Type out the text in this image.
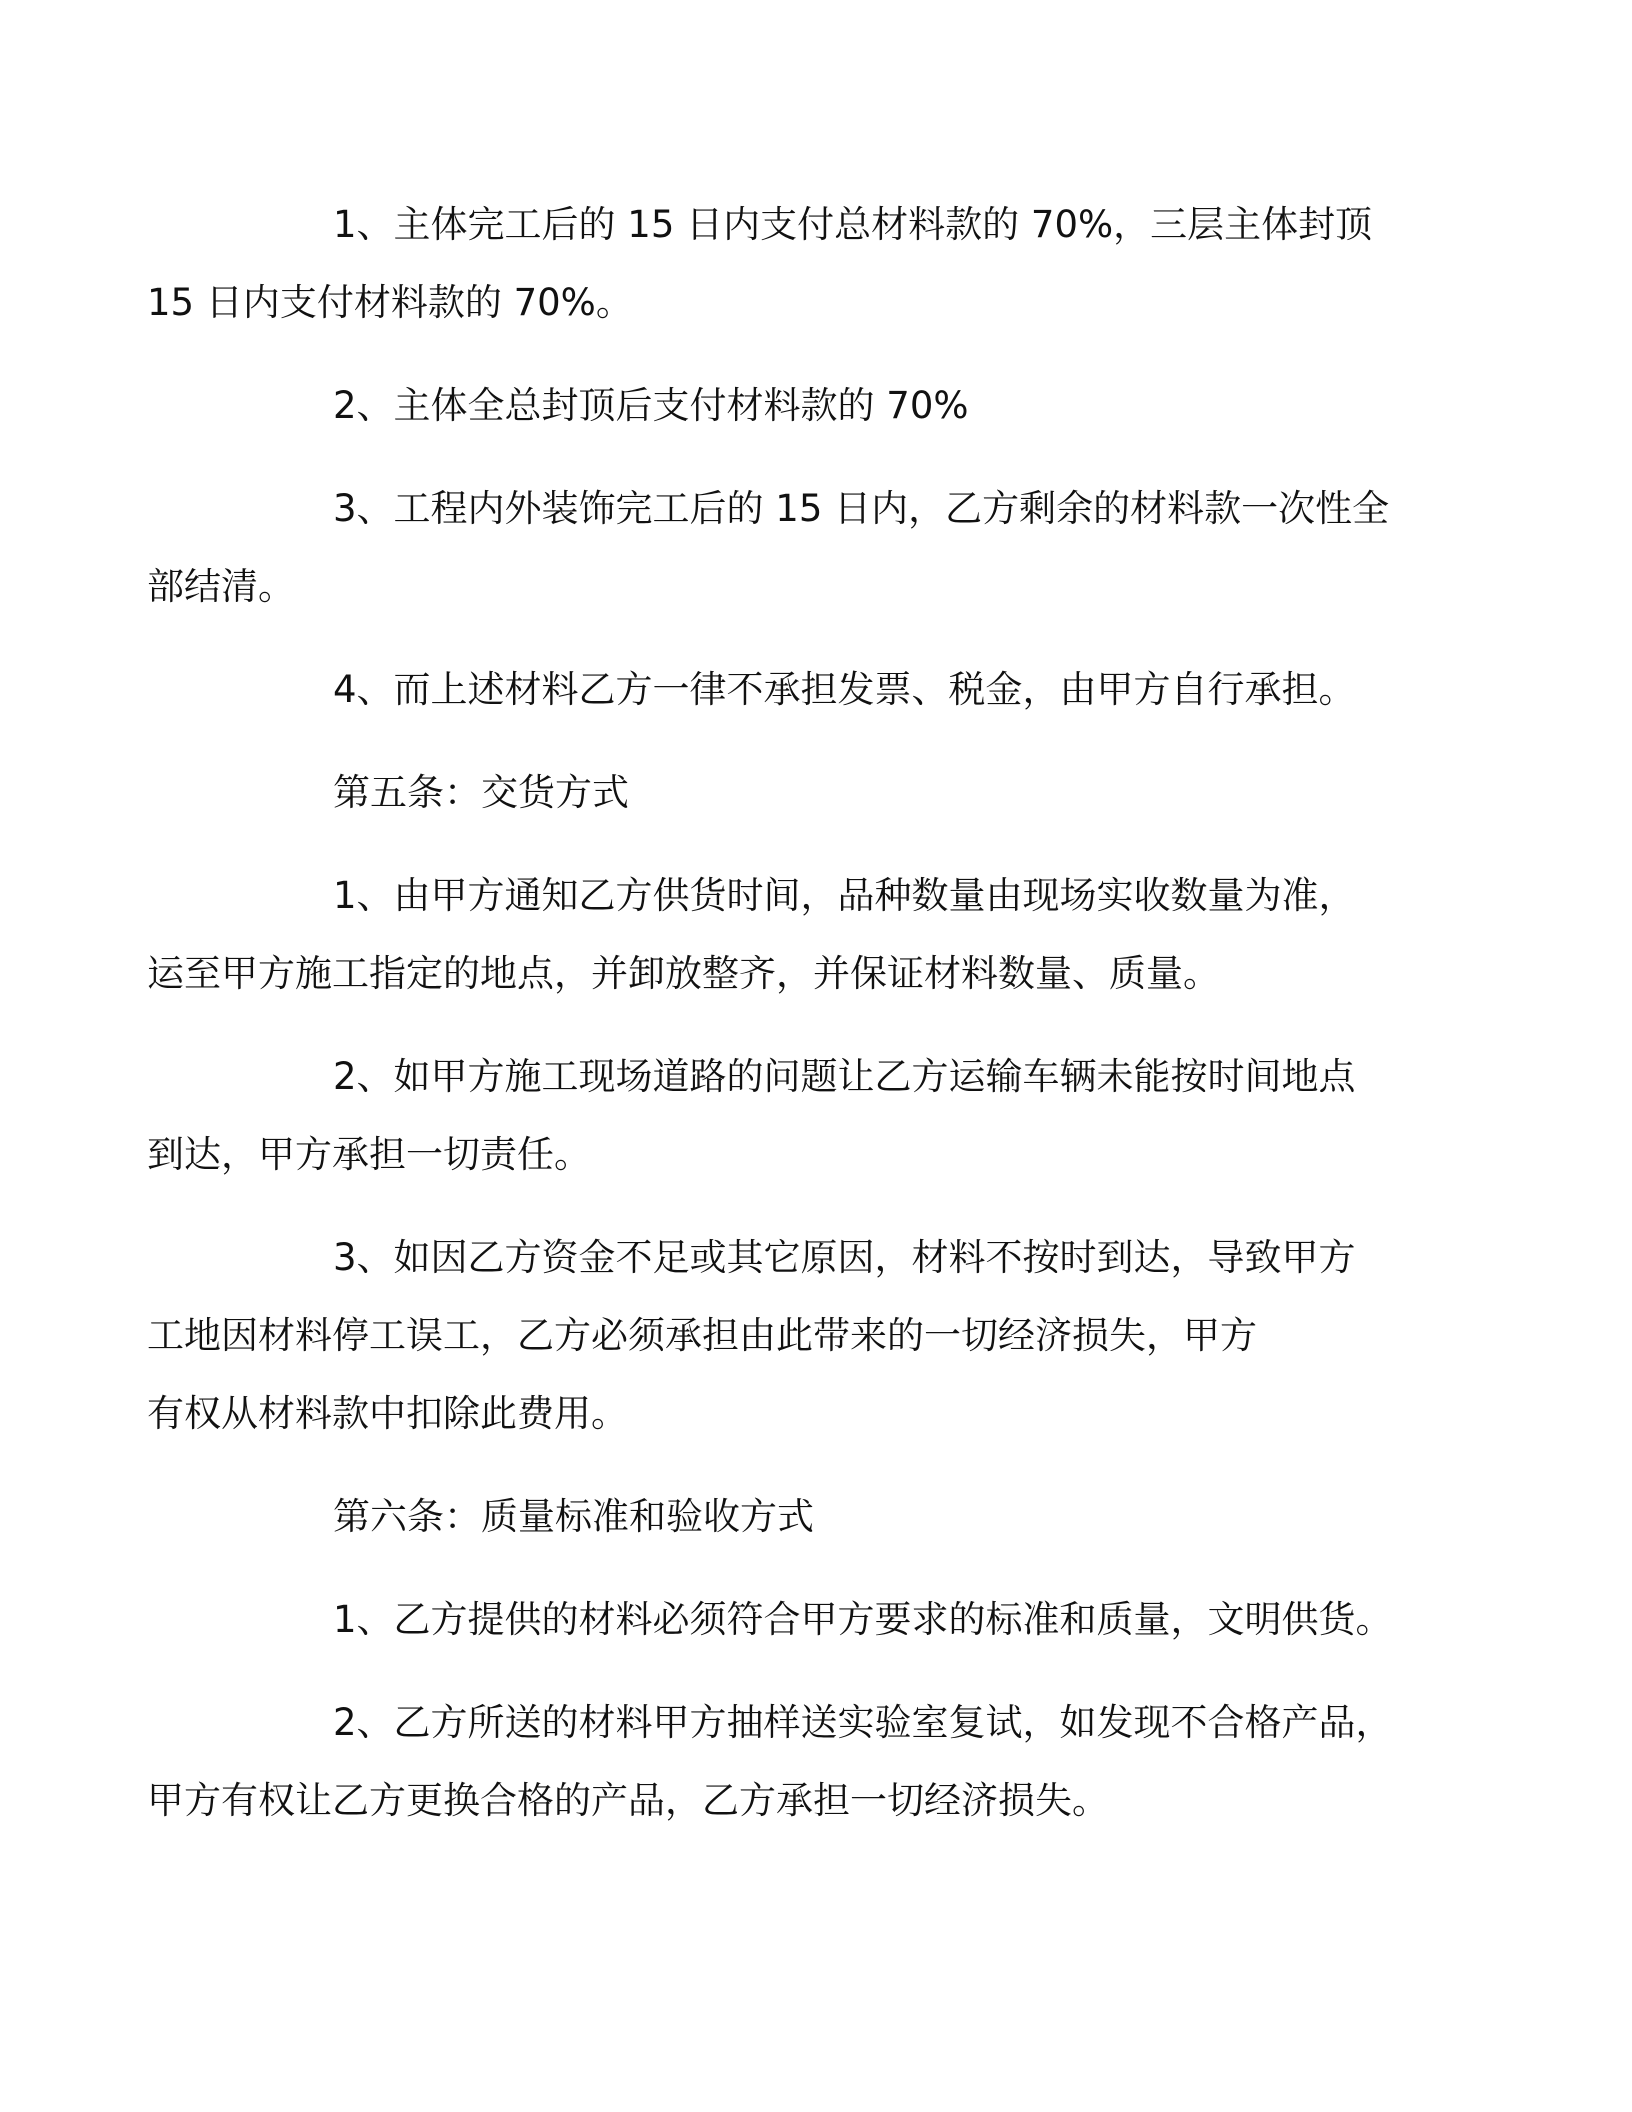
1、主体完工后的 15 日内支付总材料款的 70%，三层主体封顶
15 日内支付材料款的 70%。

2、主体全总封顶后支付材料款的 70%

3、工程内外装饰完工后的 15 日内，乙方剩余的材料款一次性全
部结清。

4、而上述材料乙方一律不承担发票、税金，由甲方自行承担。

第五条：交货方式

1、由甲方通知乙方供货时间，品种数量由现场实收数量为准，
运至甲方施工指定的地点，并卸放整齐，并保证材料数量、质量。

2、如甲方施工现场道路的问题让乙方运输车辆未能按时间地点
到达，甲方承担一切责任。

3、如因乙方资金不足或其它原因，材料不按时到达，导致甲方
工地因材料停工误工，乙方必须承担由此带来的一切经济损失，甲方
有权从材料款中扣除此费用。

第六条：质量标准和验收方式

1、乙方提供的材料必须符合甲方要求的标准和质量，文明供货。

2、乙方所送的材料甲方抽样送实验室复试，如发现不合格产品，
甲方有权让乙方更换合格的产品，乙方承担一切经济损失。
